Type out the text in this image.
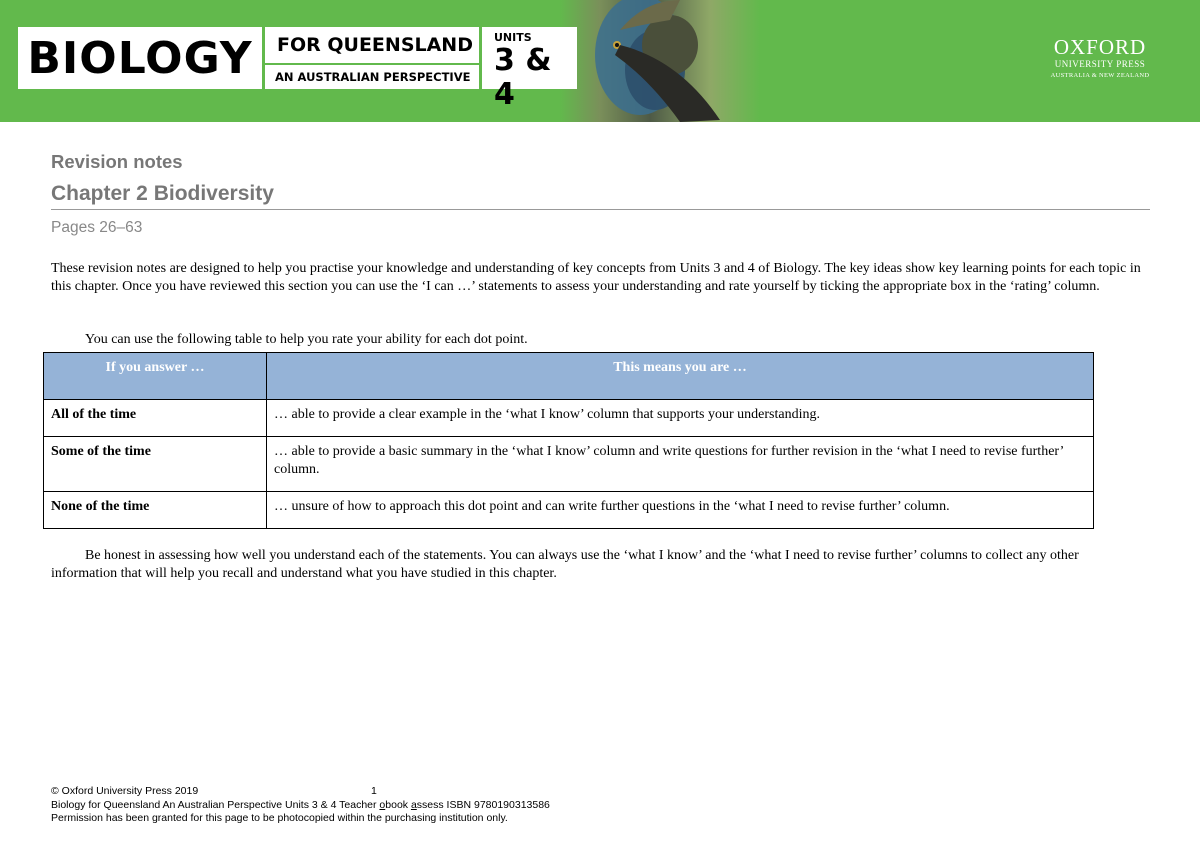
BIOLOGY	FOR QUEENSLAND
AN AUSTRALIAN PERSPECTIVE
UNITS
3 & 4
OXFORD
UNIVERSITY PRESS
AUSTRALIA & NEW ZEALAND
Revision notes
Chapter 2 Biodiversity
Pages 26–63
These revision notes are designed to help you practise your knowledge and understanding of key concepts from Units 3 and 4 of Biology. The key ideas show key learning points for each topic in this chapter. Once you have reviewed this section you can use the ‘I can …’ statements to assess your understanding and rate yourself by ticking the appropriate box in the ‘rating’ column.
You can use the following table to help you rate your ability for each dot point.
If you answer …	This means you are …
All of the time	… able to provide a clear example in the ‘what I know’ column that supports your understanding.
Some of the time	… able to provide a basic summary in the ‘what I know’ column and write questions for further revision in the ‘what I need to revise further’ column.
None of the time	… unsure of how to approach this dot point and can write further questions in the ‘what I need to revise further’ column.
Be honest in assessing how well you understand each of the statements. You can always use the ‘what I know’ and the ‘what I need to revise further’ columns to collect any other information that will help you recall and understand what you have studied in this chapter.
© Oxford University Press 2019	1
Biology for Queensland An Australian Perspective Units 3 & 4 Teacher obook assess ISBN 9780190313586
Permission has been granted for this page to be photocopied within the purchasing institution only.
